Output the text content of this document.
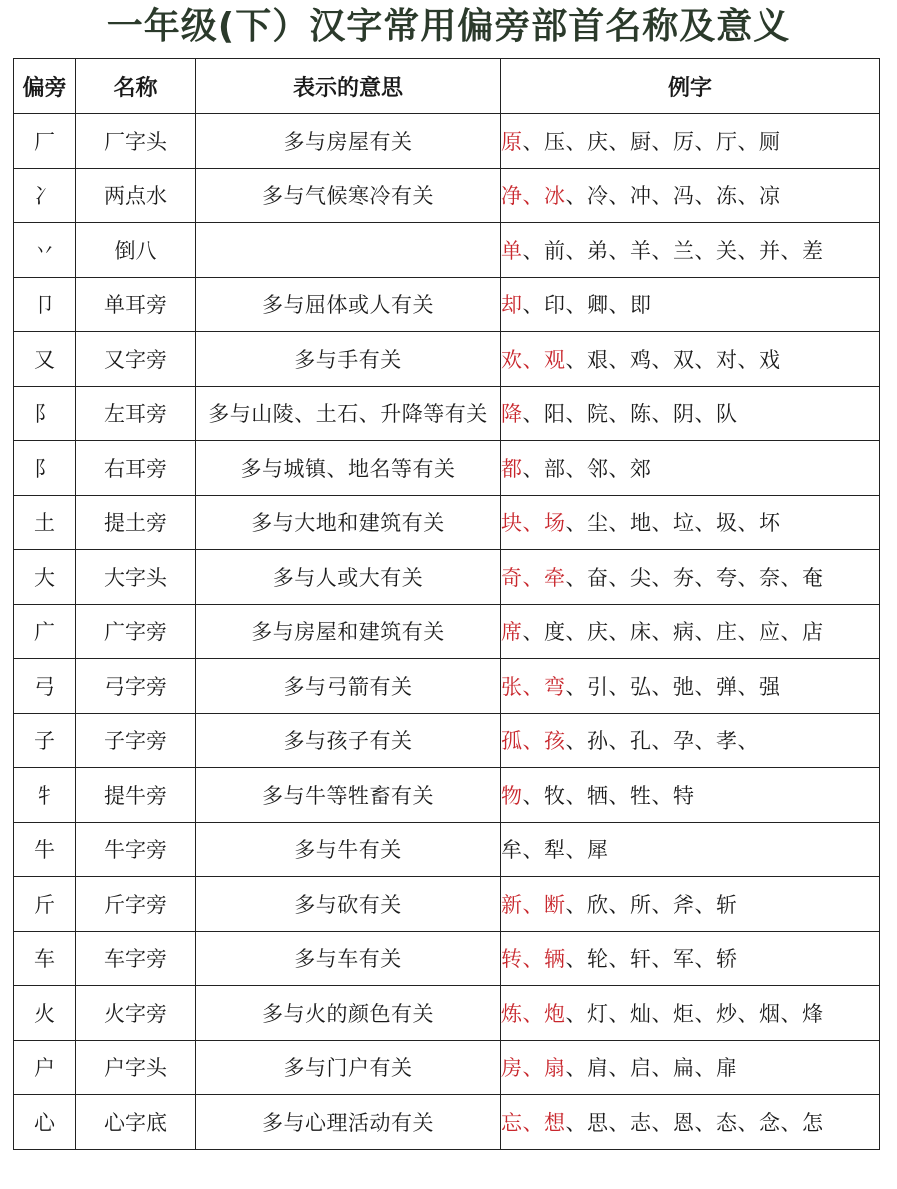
一年级(下）汉字常用偏旁部首名称及意义
偏旁	名称	表示的意思	例字
厂	厂字头	多与房屋有关	原、压、庆、厨、厉、厅、厕
冫	两点水	多与气候寒冷有关	净、冰、冷、冲、冯、冻、凉
丷	倒八		单、前、弟、羊、兰、关、并、差
卩	单耳旁	多与屈体或人有关	却、印、卿、即
又	又字旁	多与手有关	欢、观、艰、鸡、双、对、戏
阝	左耳旁	多与山陵、土石、升降等有关	降、阳、院、陈、阴、队
阝	右耳旁	多与城镇、地名等有关	都、部、邻、郊
土	提土旁	多与大地和建筑有关	块、场、尘、地、垃、圾、坏
大	大字头	多与人或大有关	奇、牵、奋、尖、夯、夸、奈、奄
广	广字旁	多与房屋和建筑有关	席、度、庆、床、病、庄、应、店
弓	弓字旁	多与弓箭有关	张、弯、引、弘、弛、弹、强
子	子字旁	多与孩子有关	孤、孩、孙、孔、孕、孝、
牜	提牛旁	多与牛等牲畜有关	物、牧、牺、牲、特
牛	牛字旁	多与牛有关	牟、犁、犀
斤	斤字旁	多与砍有关	新、断、欣、所、斧、斩
车	车字旁	多与车有关	转、辆、轮、轩、军、轿
火	火字旁	多与火的颜色有关	炼、炮、灯、灿、炬、炒、烟、烽
户	户字头	多与门户有关	房、扇、肩、启、扁、扉
心	心字底	多与心理活动有关	忘、想、思、志、恩、态、念、怎
